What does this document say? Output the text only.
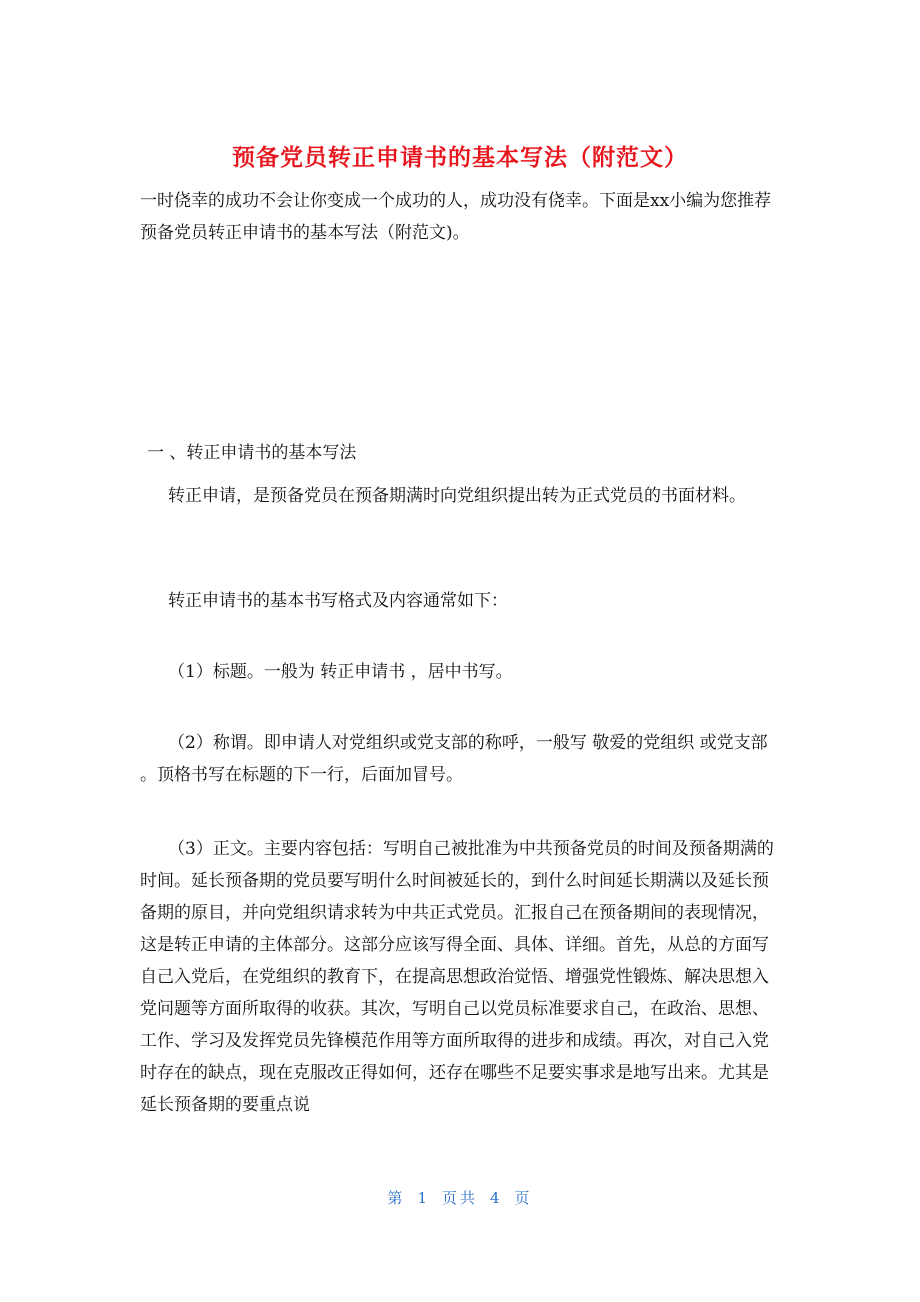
预备党员转正申请书的基本写法（附范文）
一时侥幸的成功不会让你变成一个成功的人，成功没有侥幸。下面是xx小编为您推荐预备党员转正申请书的基本写法（附范文)。
一 、转正申请书的基本写法
转正申请，是预备党员在预备期满时向党组织提出转为正式党员的书面材料。
转正申请书的基本书写格式及内容通常如下：
（1）标题。一般为 转正申请书 ，居中书写。
（2）称谓。即申请人对党组织或党支部的称呼，一般写 敬爱的党组织 或党支部 。顶格书写在标题的下一行，后面加冒号。
（3）正文。主要内容包括：写明自己被批准为中共预备党员的时间及预备期满的时间。延长预备期的党员要写明什么时间被延长的，到什么时间延长期满以及延长预备期的原目，并向党组织请求转为中共正式党员。汇报自己在预备期间的表现情况，这是转正申请的主体部分。这部分应该写得全面、具体、详细。首先，从总的方面写自己入党后，在党组织的教育下，在提高思想政治觉悟、增强党性锻炼、解决思想入党问题等方面所取得的收获。其次，写明自己以党员标准要求自己，在政治、思想、工作、学习及发挥党员先锋模范作用等方面所取得的进步和成绩。再次，对自己入党时存在的缺点，现在克服改正得如何，还存在哪些不足要实事求是地写出来。尤其是延长预备期的要重点说
第 1 页共 4 页
